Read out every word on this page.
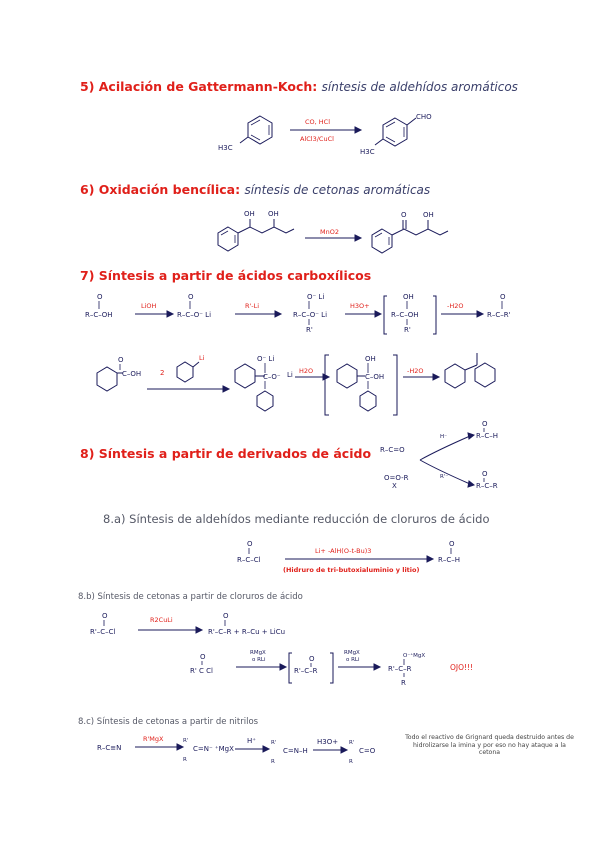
5) Acilación de Gattermann-Koch: síntesis de aldehídos aromáticos
H3C
CO, HCl
AlCl3/CuCl
CHO
H3C
6) Oxidación bencílica: síntesis de cetonas aromáticas
OH OH
MnO2
O OH
7) Síntesis a partir de ácidos carboxílicos
O
R–C–OH
LiOH
O
R–C–O⁻ Li
R'-Li
O⁻ Li
R–C–O⁻ Li
R'
H3O+
OH
R–C–OH
R'
-H2O
O
R–C–R'
O
C–OH	2
Li	O⁻ Li
C–O⁻ Li H2O
OH
C–OH
-H2O
8) Síntesis a partir de derivados de ácido R–C=O
O=O-R
X
H⁻
R'⁻
O
R–C–H
O
R–C–R
8.a) Síntesis de aldehídos mediante reducción de cloruros de ácido
O
R–C–Cl
Li+ -AlH(O-t-Bu)3
(Hidruro de tri-butoxialuminio y litio)
O
R–C–H
8.b) Síntesis de cetonas a partir de cloruros de ácido
O
R'–C–Cl
R2CuLi	O
R'–C–R + R–Cu + LiCu
O
R' C Cl
RMgX
o RLi	O
R'–C–R
RMgX
o RLi
O⁻⁺MgX
R'–C–R
R
OJO!!!
8.c) Síntesis de cetonas a partir de nitrilos
R–C≡N
R'MgX	R'
R
C=N⁻ ⁺MgX
H⁺	R'
R
C=N–H
H3O+ R'
R
C=O
Todo el reactivo de Grignard queda destruido antes de hidrolizarse la imina y por eso no hay ataque a la cetona
